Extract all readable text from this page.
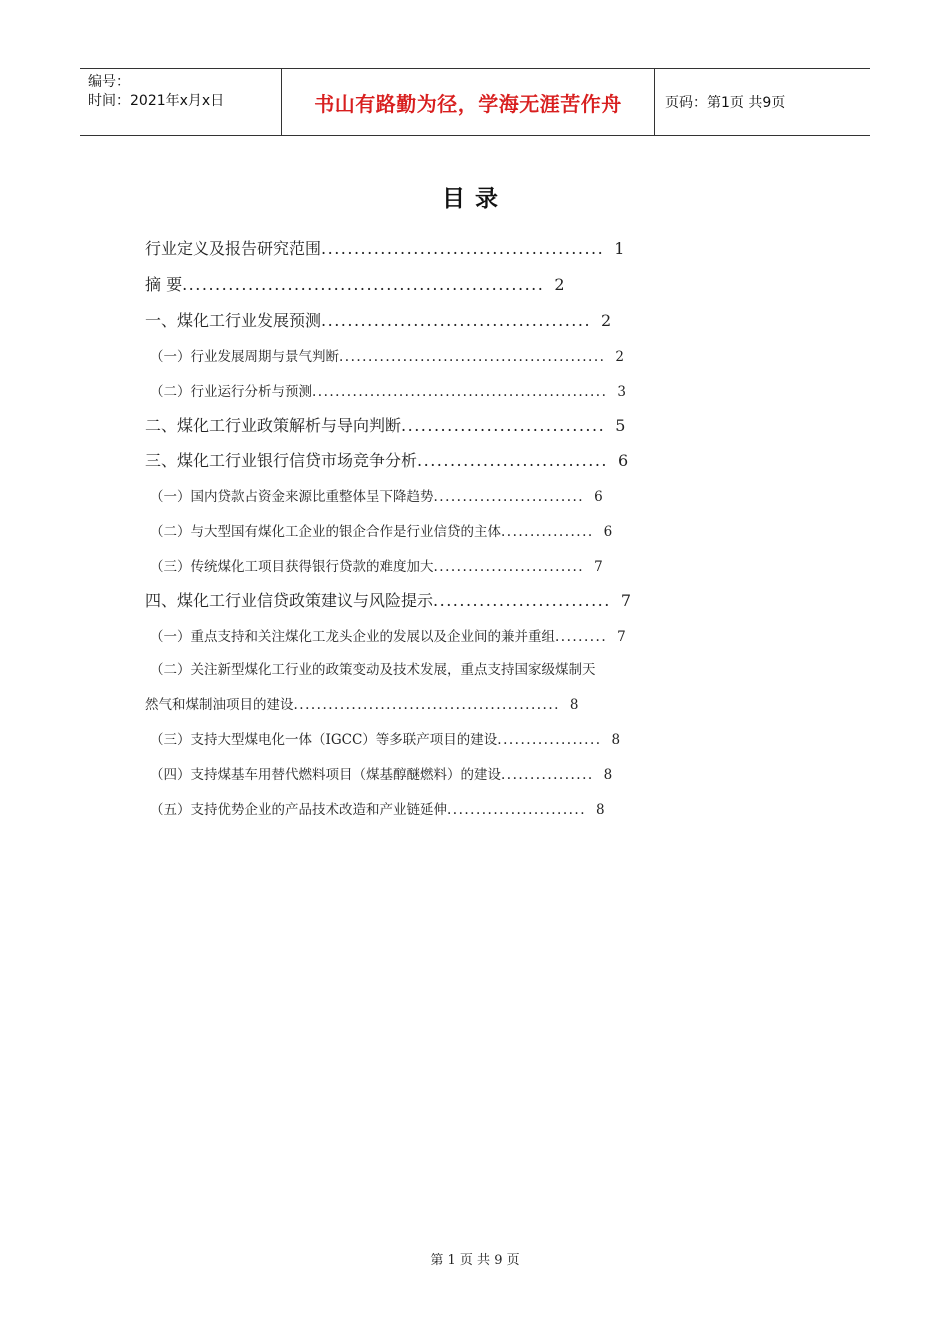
编号：
时间：2021年x月x日	书山有路勤为径，学海无涯苦作舟	页码：第1页 共9页
目录
行业定义及报告研究范围........................................... 1
摘 要....................................................... 2
一、煤化工行业发展预测......................................... 2
（一）行业发展周期与景气判断.............................................. 2
（二）行业运行分析与预测................................................... 3
二、煤化工行业政策解析与导向判断............................... 5
三、煤化工行业银行信贷市场竞争分析............................. 6
（一）国内贷款占资金来源比重整体呈下降趋势.......................... 6
（二）与大型国有煤化工企业的银企合作是行业信贷的主体................ 6
（三）传统煤化工项目获得银行贷款的难度加大.......................... 7
四、煤化工行业信贷政策建议与风险提示........................... 7
（一）重点支持和关注煤化工龙头企业的发展以及企业间的兼并重组......... 7
（二）关注新型煤化工行业的政策变动及技术发展，重点支持国家级煤制天
然气和煤制油项目的建设.............................................. 8
（三）支持大型煤电化一体（IGCC）等多联产项目的建设.................. 8
（四）支持煤基车用替代燃料项目（煤基醇醚燃料）的建设................ 8
（五）支持优势企业的产品技术改造和产业链延伸........................ 8
第 1 页 共 9 页
